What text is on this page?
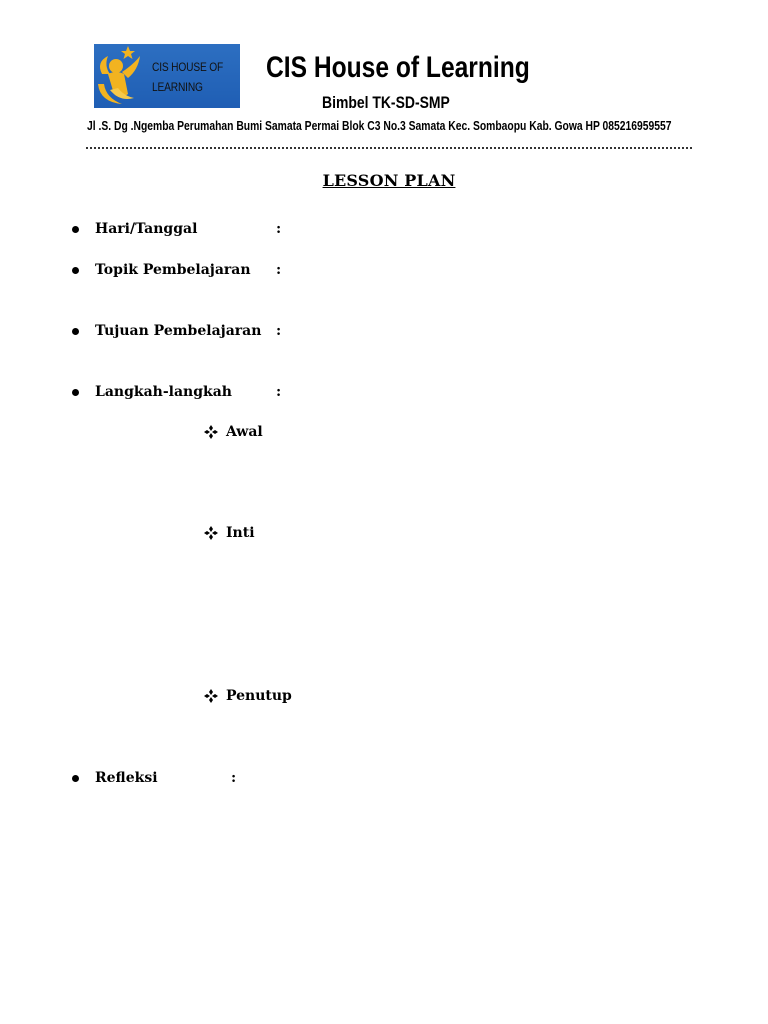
CIS HOUSE OF
LEARNING
CIS House of Learning
Bimbel TK-SD-SMP
Jl .S. Dg .Ngemba Perumahan Bumi Samata Permai Blok C3 No.3 Samata Kec. Sombaopu Kab. Gowa HP 085216959557
LESSON PLAN
Hari/Tanggal	:
Topik Pembelajaran :
Tujuan Pembelajaran :
Langkah-langkah	:
Awal
Inti
Penutup
Refleksi	:
